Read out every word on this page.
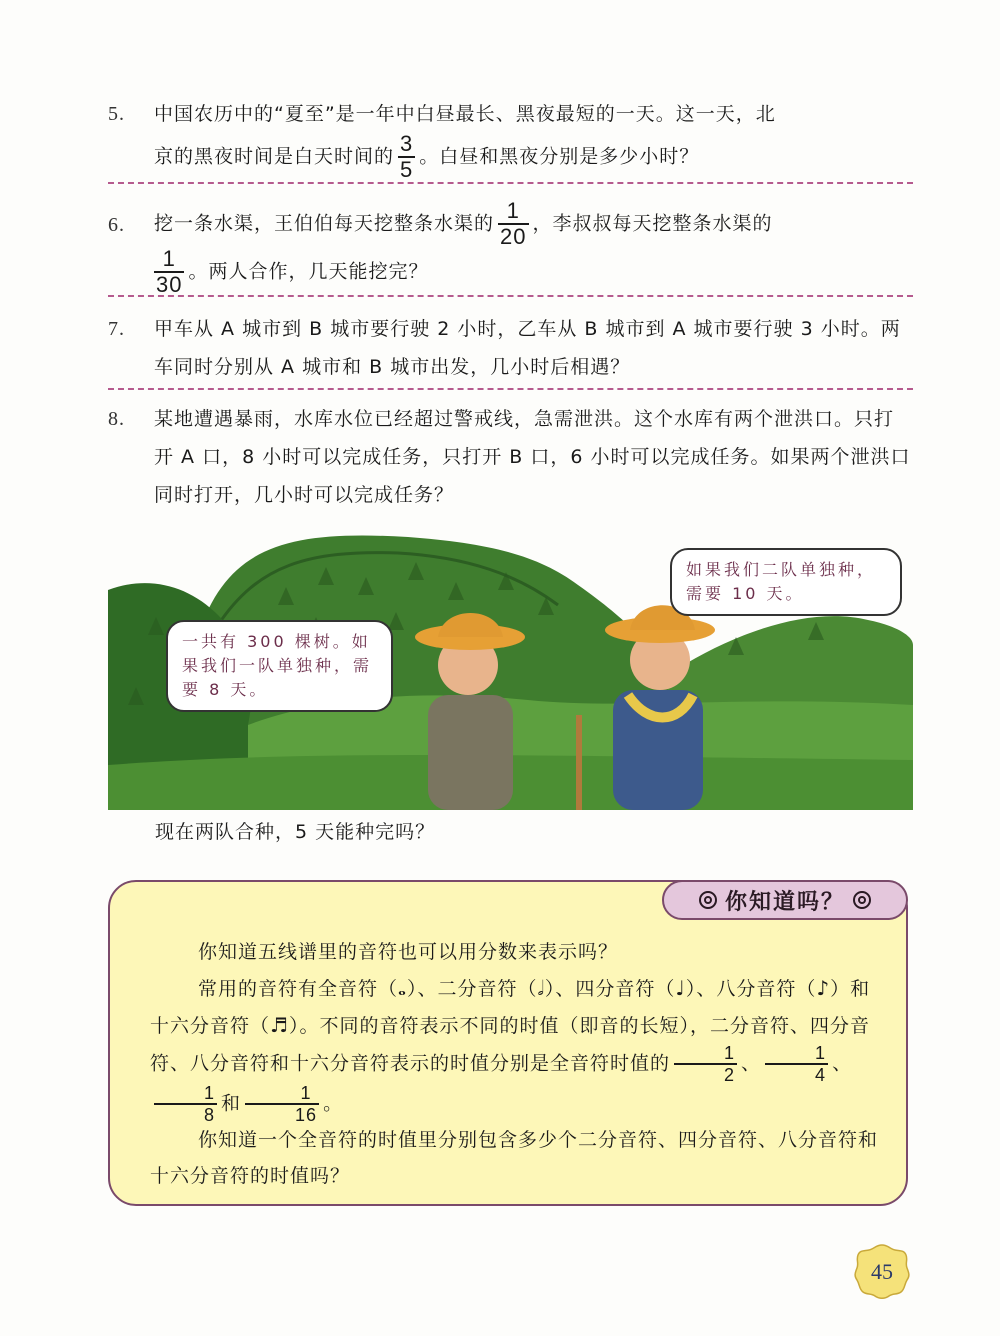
5. 中国农历中的“夏至”是一年中白昼最长、黑夜最短的一天。这一天，北
京的黑夜时间是白天时间的 $\frac{3}{5}$ 。白昼和黑夜分别是多少小时？
6. 挖一条水渠，王伯伯每天挖整条水渠的 $\frac{1}{20}$ ，李叔叔每天挖整条水渠的

$\frac{1}{30}$ 。两人合作，几天能挖完？
7. 甲车从 A 城市到 B 城市要行驶 2 小时，乙车从 B 城市到 A 城市要行驶 3 小时。两车同时分别从 A 城市和 B 城市出发，几小时后相遇？
8. 某地遭遇暴雨，水库水位已经超过警戒线，急需泄洪。这个水库有两个泄洪口。只打开 A 口，8 小时可以完成任务，只打开 B 口，6 小时可以完成任务。如果两个泄洪口同时打开，几小时可以完成任务？
一共有 300 棵树。如果我们一队单独种，需要 8 天。
如果我们二队单独种，需要 10 天。
现在两队合种，5 天能种完吗？
你知道吗？
你知道五线谱里的音符也可以用分数来表示吗？
常用的音符有全音符（𝅝）、二分音符（𝅗𝅥）、四分音符（♩）、八分音符（♪）和十六分音符（♬）。不同的音符表示不同的时值（即音的长短），二分音符、四分音符、八分音符和十六分音符表示的时值分别是全音符时值的 $\frac{1}{2}$ 、 $\frac{1}{4}$ 、
$\frac{1}{8}$ 和 $\frac{1}{16}$ 。
你知道一个全音符的时值里分别包含多少个二分音符、四分音符、八分音符和十六分音符的时值吗？
45
